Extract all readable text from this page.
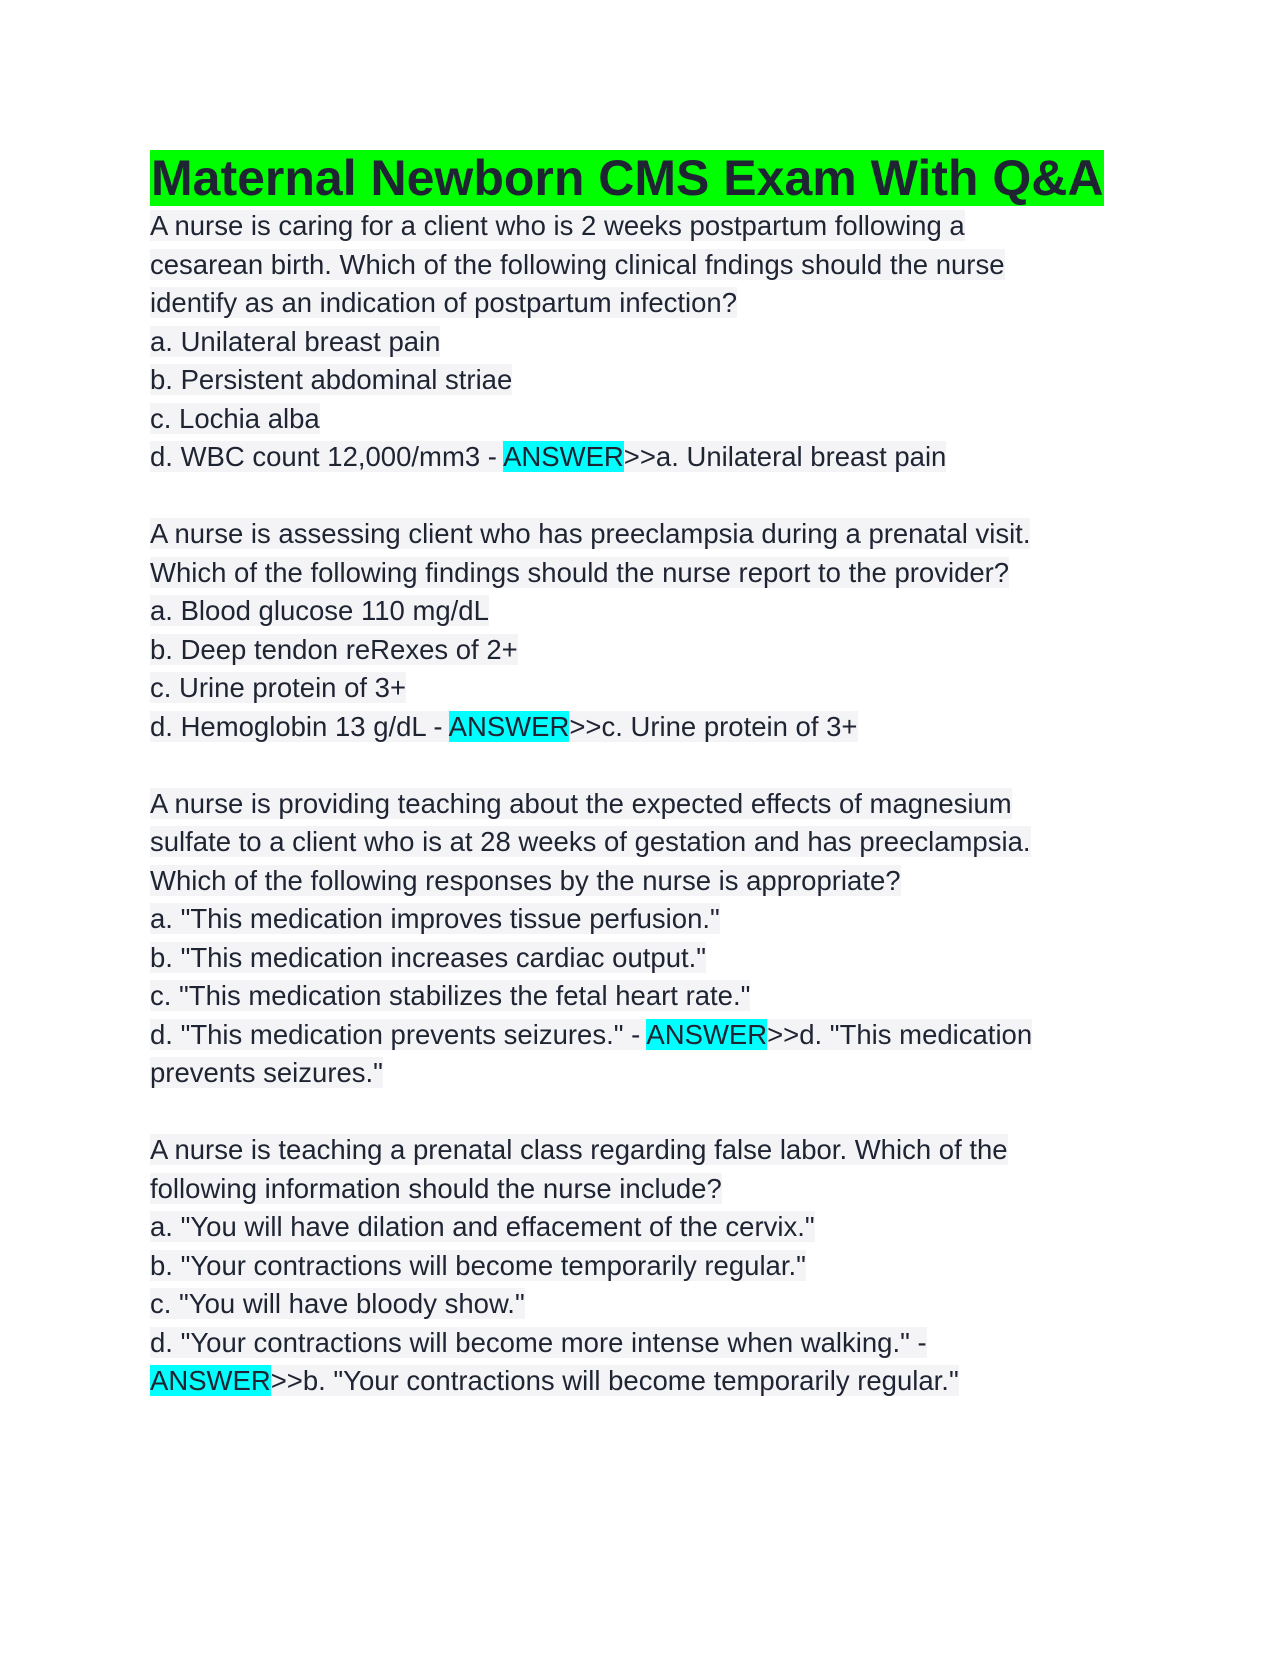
Maternal Newborn CMS Exam With Q&A
A nurse is caring for a client who is 2 weeks postpartum following a
cesarean birth. Which of the following clinical fndings should the nurse
identify as an indication of postpartum infection?
a. Unilateral breast pain
b. Persistent abdominal striae
c. Lochia alba
d. WBC count 12,000/mm3 - ANSWER>>a. Unilateral breast pain
A nurse is assessing client who has preeclampsia during a prenatal visit.
Which of the following findings should the nurse report to the provider?
a. Blood glucose 110 mg/dL
b. Deep tendon reRexes of 2+
c. Urine protein of 3+
d. Hemoglobin 13 g/dL - ANSWER>>c. Urine protein of 3+
A nurse is providing teaching about the expected effects of magnesium
sulfate to a client who is at 28 weeks of gestation and has preeclampsia.
Which of the following responses by the nurse is appropriate?
a. "This medication improves tissue perfusion."
b. "This medication increases cardiac output."
c. "This medication stabilizes the fetal heart rate."
d. "This medication prevents seizures." - ANSWER>>d. "This medication
prevents seizures."
A nurse is teaching a prenatal class regarding false labor. Which of the
following information should the nurse include?
a. "You will have dilation and effacement of the cervix."
b. "Your contractions will become temporarily regular."
c. "You will have bloody show."
d. "Your contractions will become more intense when walking." -
ANSWER>>b. "Your contractions will become temporarily regular."
